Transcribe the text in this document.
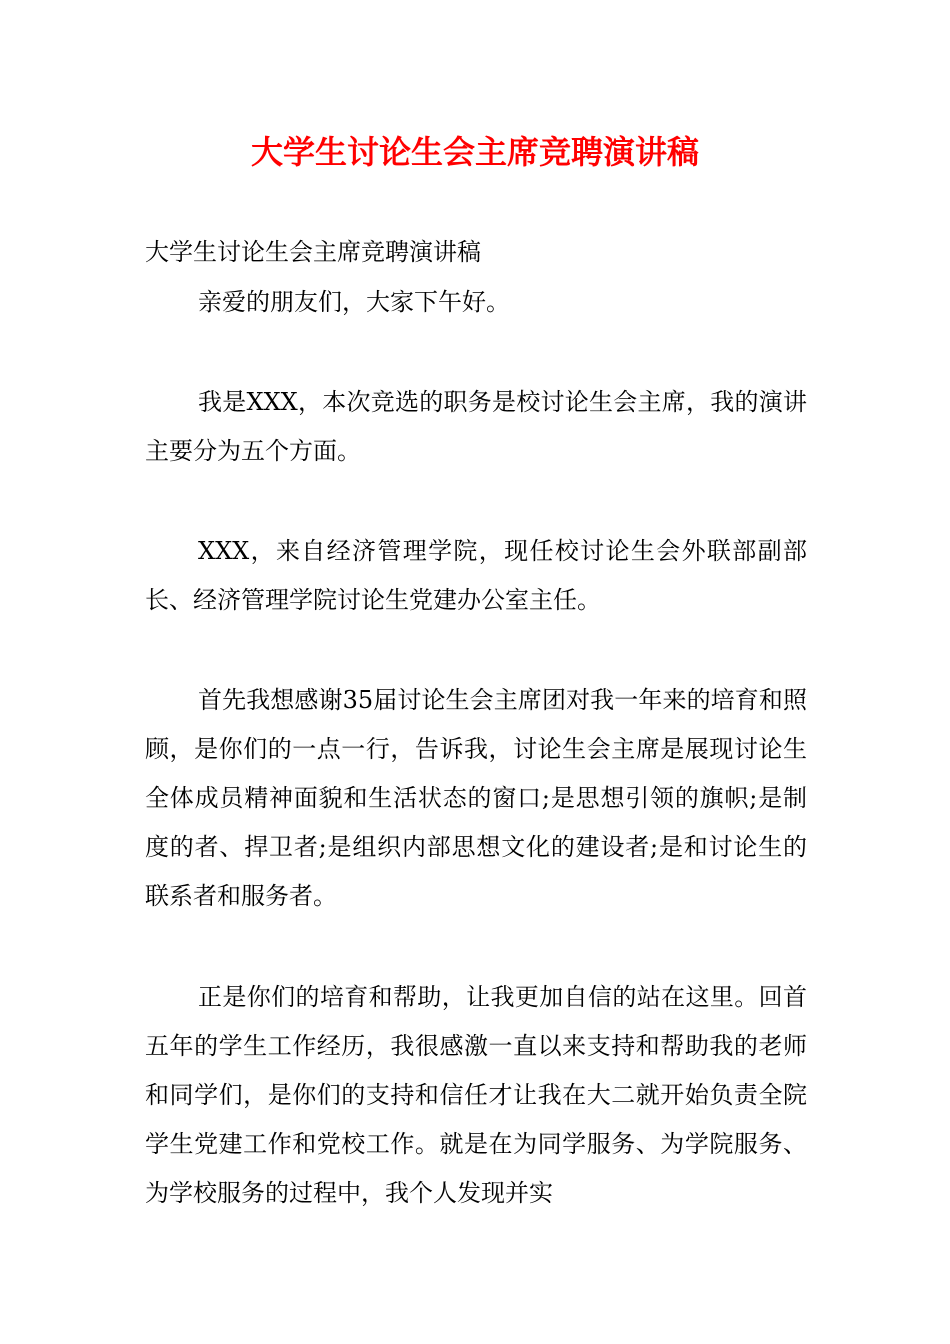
大学生讨论生会主席竞聘演讲稿

大学生讨论生会主席竞聘演讲稿

亲爱的朋友们，大家下午好。

我是XXX，本次竞选的职务是校讨论生会主席，我的演讲主要分为五个方面。

XXX，来自经济管理学院，现任校讨论生会外联部副部长、经济管理学院讨论生党建办公室主任。

首先我想感谢35届讨论生会主席团对我一年来的培育和照顾，是你们的一点一行，告诉我，讨论生会主席是展现讨论生全体成员精神面貌和生活状态的窗口;是思想引领的旗帜;是制度的者、捍卫者;是组织内部思想文化的建设者;是和讨论生的联系者和服务者。

正是你们的培育和帮助，让我更加自信的站在这里。回首五年的学生工作经历，我很感激一直以来支持和帮助我的老师和同学们，是你们的支持和信任才让我在大二就开始负责全院学生党建工作和党校工作。就是在为同学服务、为学院服务、为学校服务的过程中，我个人发现并实
